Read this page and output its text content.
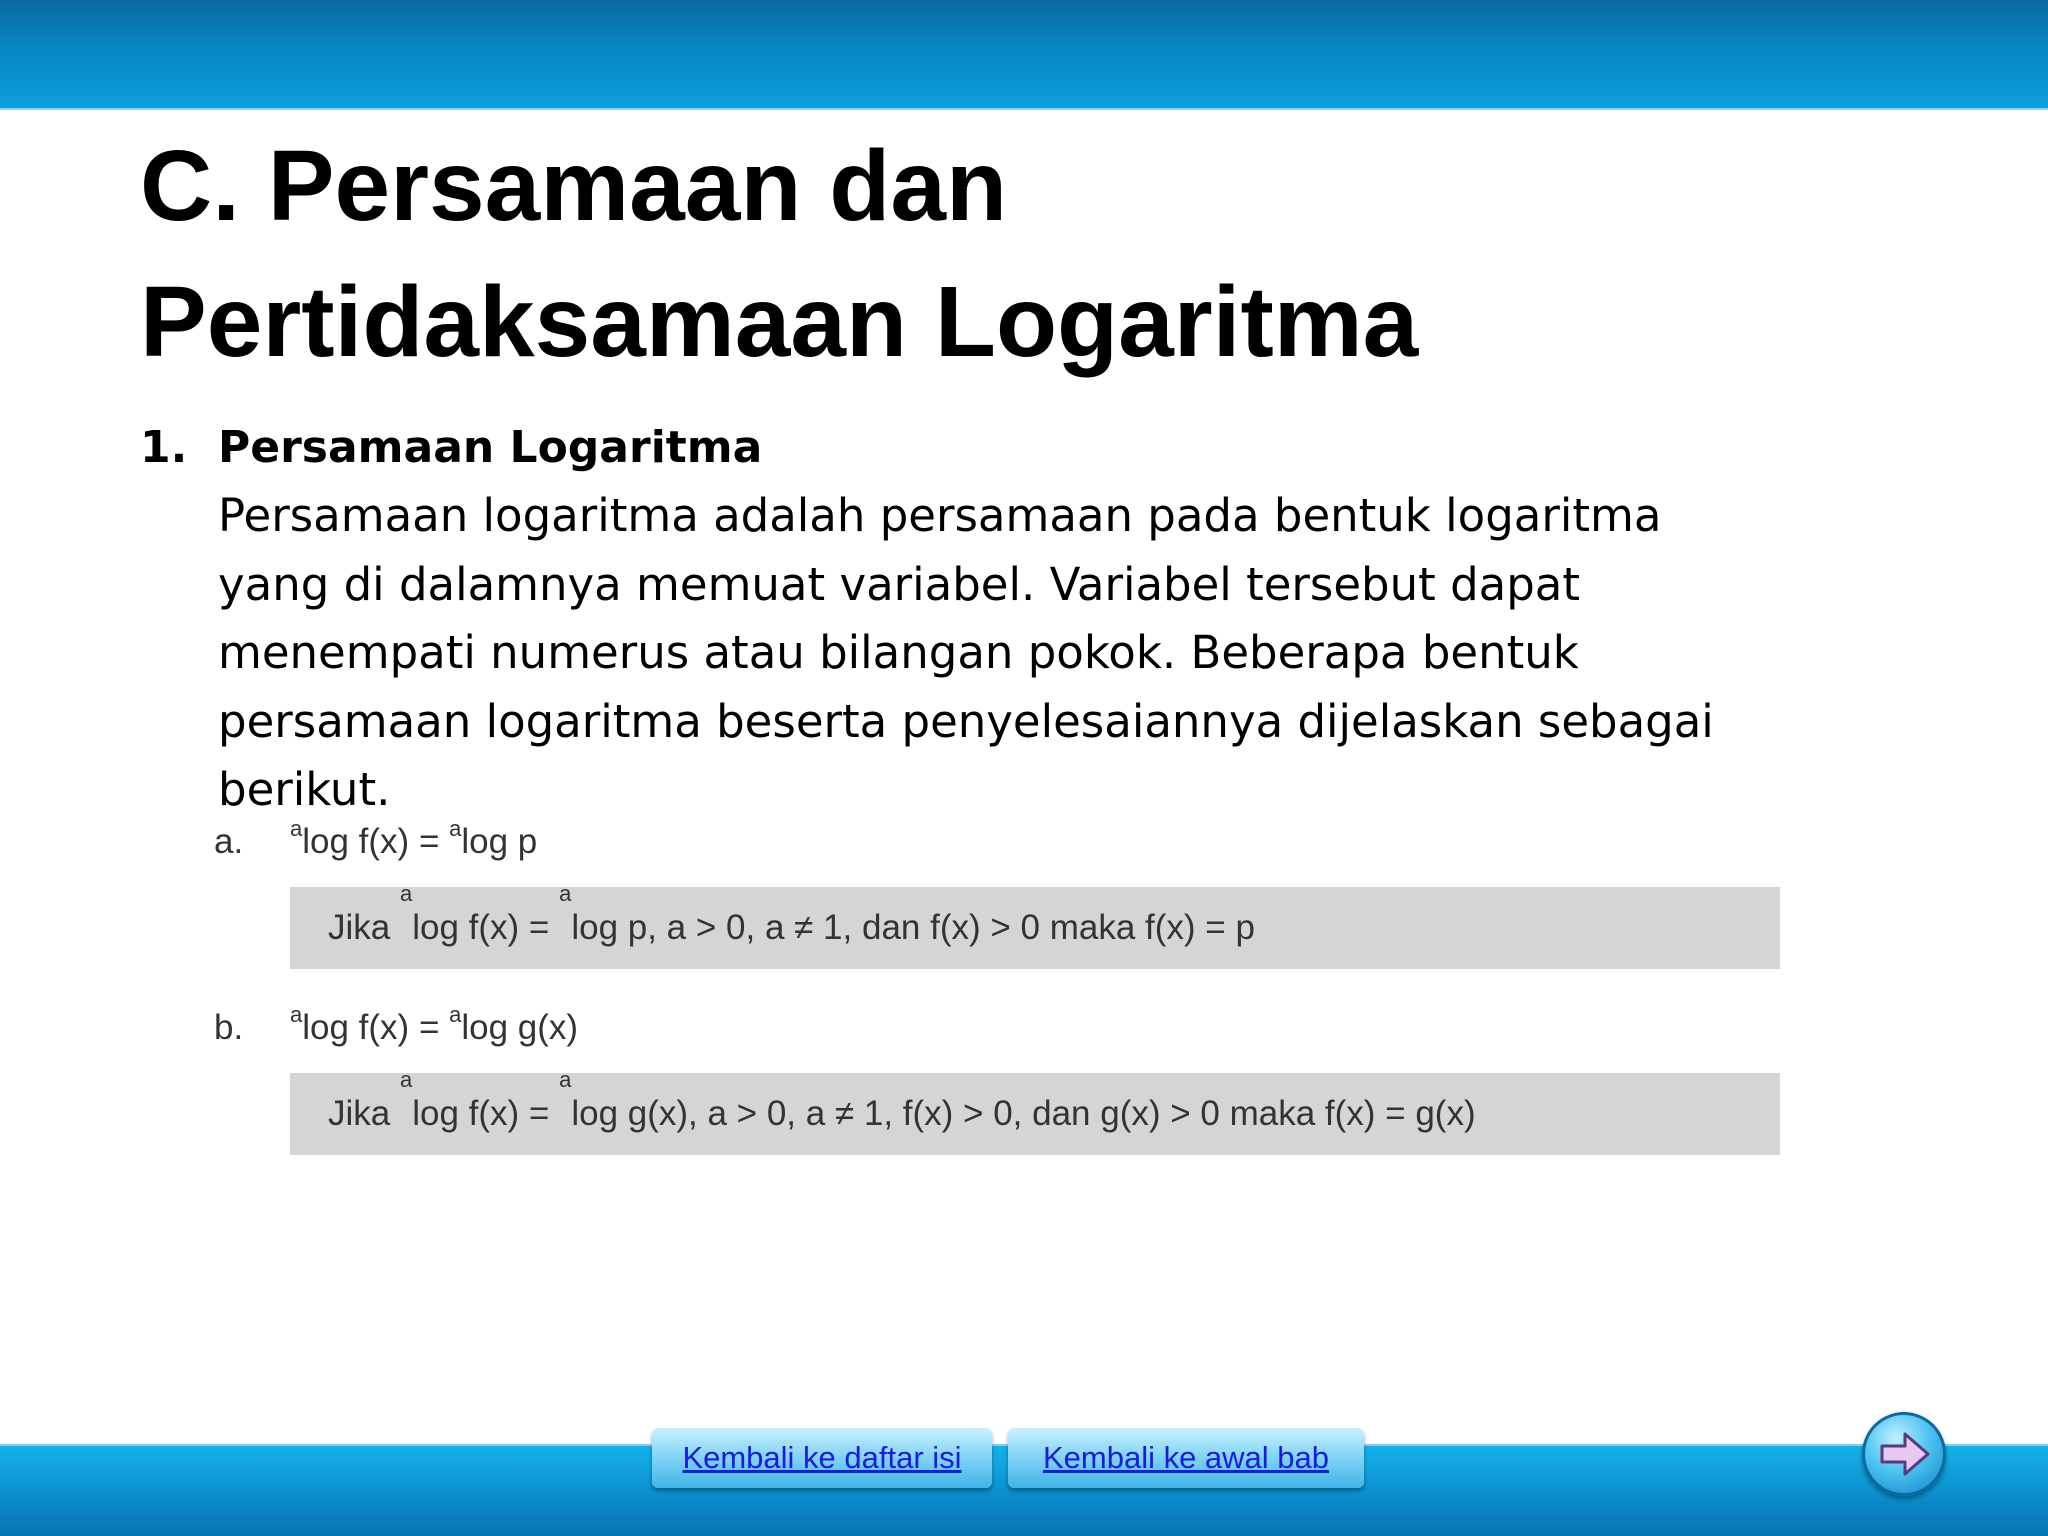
C. Persamaan dan
Pertidaksamaan Logaritma
1. Persamaan Logaritma

Persamaan logaritma adalah persamaan pada bentuk logaritma
yang di dalamnya memuat variabel. Variabel tersebut dapat
menempati numerus atau bilangan pokok. Beberapa bentuk
persamaan logaritma beserta penyelesaiannya dijelaskan sebagai
berikut.

a. $^a$log f(x) = $^a$log p
Jika $^a$log f(x) = $^a$log p, a > 0, a ≠ 1, dan f(x) > 0 maka f(x) = p
b. $^a$log f(x) = $^a$log g(x)
Jika $^a$log f(x) = $^a$log g(x), a > 0, a ≠ 1, f(x) > 0, dan g(x) > 0 maka f(x) = g(x)
Kembali ke daftar isi	Kembali ke awal bab
